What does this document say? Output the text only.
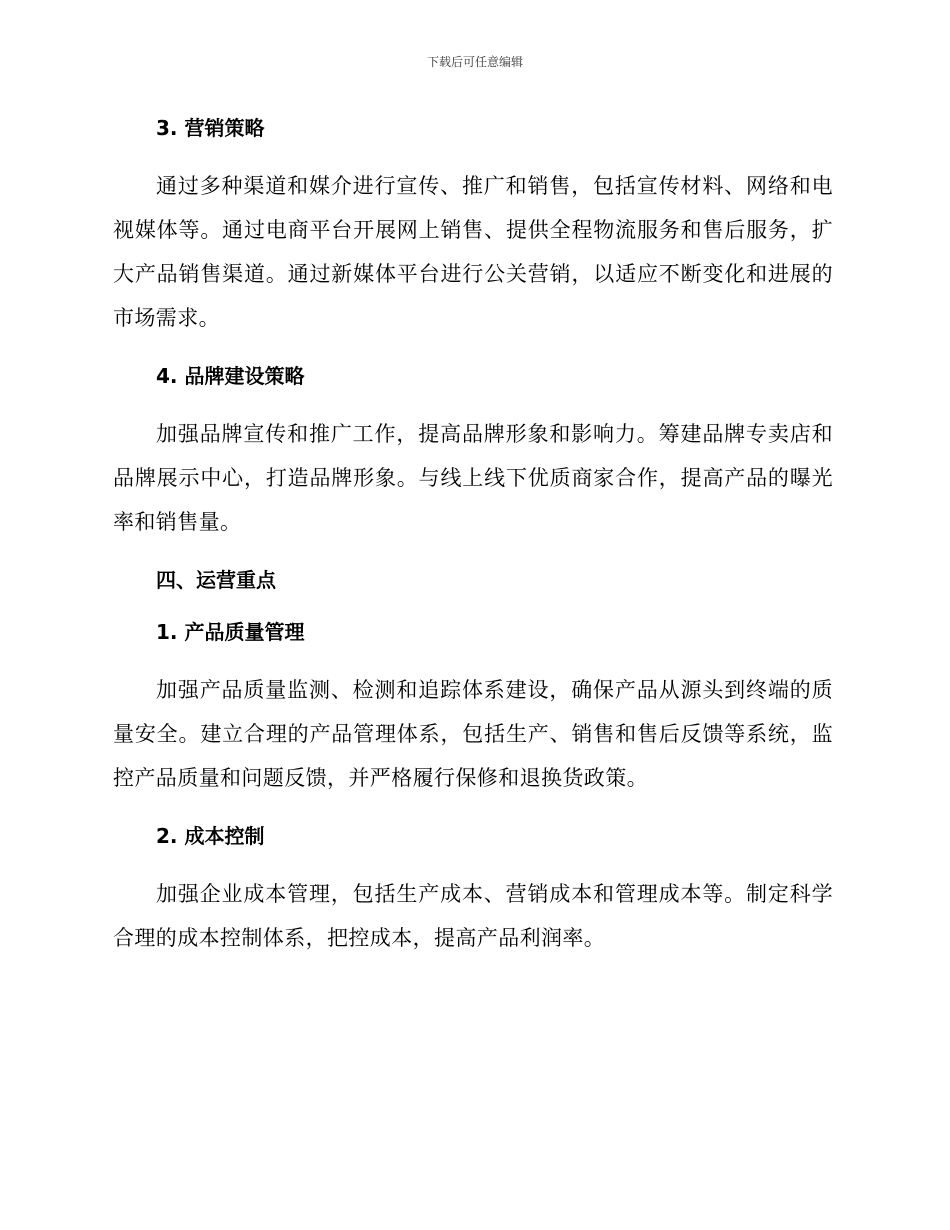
下载后可任意编辑
3. 营销策略

通过多种渠道和媒介进行宣传、推广和销售，包括宣传材料、网络和电视媒体等。通过电商平台开展网上销售、提供全程物流服务和售后服务，扩大产品销售渠道。通过新媒体平台进行公关营销，以适应不断变化和进展的市场需求。

4. 品牌建设策略

加强品牌宣传和推广工作，提高品牌形象和影响力。筹建品牌专卖店和品牌展示中心，打造品牌形象。与线上线下优质商家合作，提高产品的曝光率和销售量。

四、运营重点
1. 产品质量管理

加强产品质量监测、检测和追踪体系建设，确保产品从源头到终端的质量安全。建立合理的产品管理体系，包括生产、销售和售后反馈等系统，监控产品质量和问题反馈，并严格履行保修和退换货政策。

2. 成本控制

加强企业成本管理，包括生产成本、营销成本和管理成本等。制定科学合理的成本控制体系，把控成本，提高产品利润率。
